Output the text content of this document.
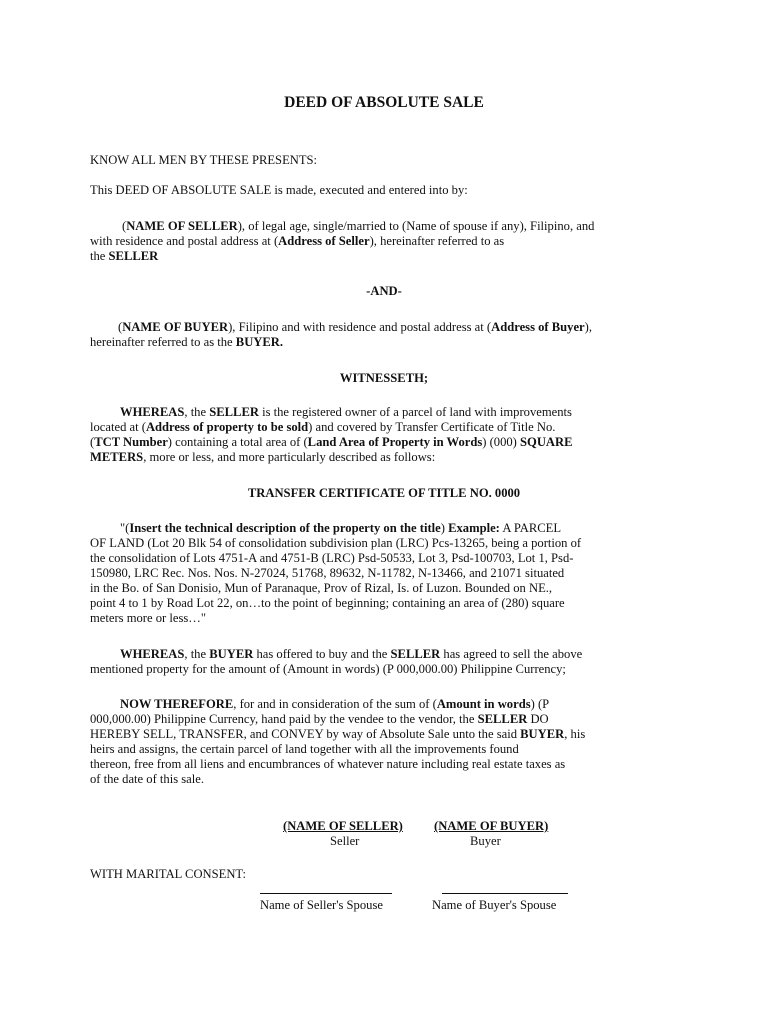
DEED OF ABSOLUTE SALE
KNOW ALL MEN BY THESE PRESENTS:
This DEED OF ABSOLUTE SALE is made, executed and entered into by:
(NAME OF SELLER), of legal age, single/married to (Name of spouse if any), Filipino, and
with residence and postal address at (Address of Seller), hereinafter referred to as
the SELLER
-AND-
(NAME OF BUYER), Filipino and with residence and postal address at (Address of Buyer),
hereinafter referred to as the BUYER.
WITNESSETH;
WHEREAS, the SELLER is the registered owner of a parcel of land with improvements
located at (Address of property to be sold) and covered by Transfer Certificate of Title No.
(TCT Number) containing a total area of (Land Area of Property in Words) (000) SQUARE
METERS, more or less, and more particularly described as follows:
TRANSFER CERTIFICATE OF TITLE NO. 0000
"(Insert the technical description of the property on the title) Example: A PARCEL
OF LAND (Lot 20 Blk 54 of consolidation subdivision plan (LRC) Pcs-13265, being a portion of
the consolidation of Lots 4751-A and 4751-B (LRC) Psd-50533, Lot 3, Psd-100703, Lot 1, Psd-
150980, LRC Rec. Nos. Nos. N-27024, 51768, 89632, N-11782, N-13466, and 21071 situated
in the Bo. of San Donisio, Mun of Paranaque, Prov of Rizal, Is. of Luzon. Bounded on NE.,
point 4 to 1 by Road Lot 22, on…to the point of beginning; containing an area of (280) square
meters more or less…"
WHEREAS, the BUYER has offered to buy and the SELLER has agreed to sell the above
mentioned property for the amount of (Amount in words) (P 000,000.00) Philippine Currency;
NOW THEREFORE, for and in consideration of the sum of (Amount in words) (P
000,000.00) Philippine Currency, hand paid by the vendee to the vendor, the SELLER DO
HEREBY SELL, TRANSFER, and CONVEY by way of Absolute Sale unto the said BUYER, his
heirs and assigns, the certain parcel of land together with all the improvements found
thereon, free from all liens and encumbrances of whatever nature including real estate taxes as
of the date of this sale.
(NAME OF SELLER)
Seller
(NAME OF BUYER)
Buyer
WITH MARITAL CONSENT:
Name of Seller's Spouse	Name of Buyer's Spouse
